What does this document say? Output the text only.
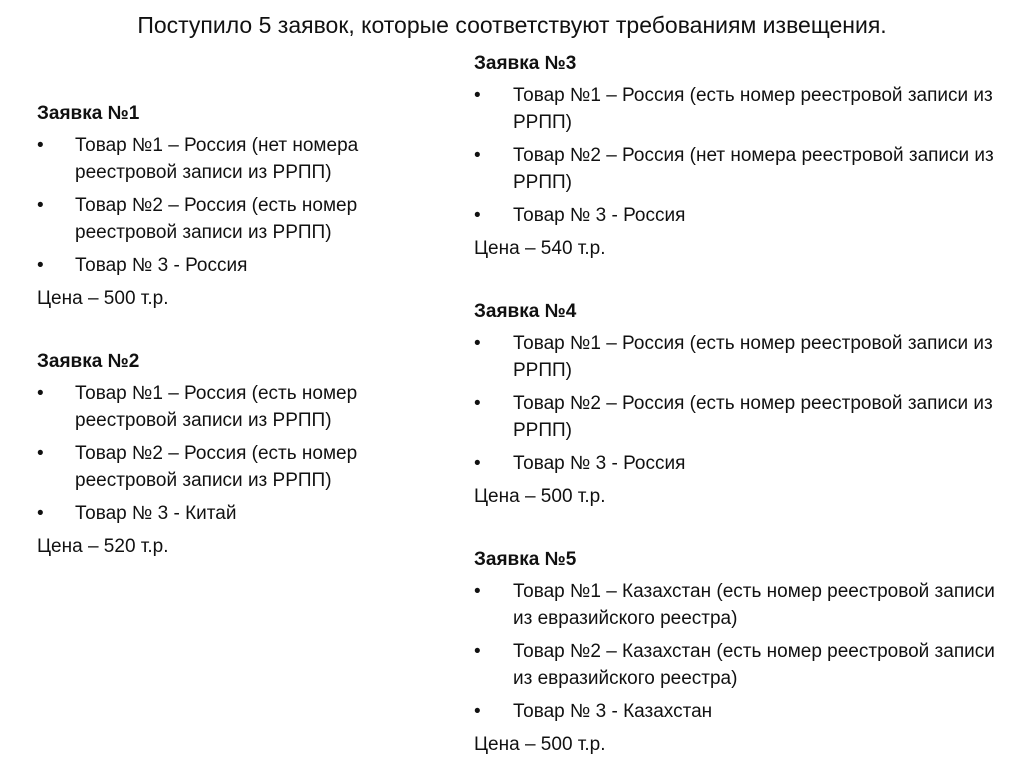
Поступило 5 заявок, которые соответствуют требованиям извещения.
Заявка №1
• Товар №1 – Россия (нет номера реестровой записи из РРПП)
• Товар №2 – Россия (есть номер реестровой записи из РРПП)
• Товар № 3 - Россия
Цена – 500 т.р.
Заявка №2
• Товар №1 – Россия (есть номер реестровой записи из РРПП)
• Товар №2 – Россия (есть номер реестровой записи из РРПП)
• Товар № 3 - Китай
Цена – 520 т.р.
Заявка №3
• Товар №1 – Россия (есть номер реестровой записи из РРПП)
• Товар №2 – Россия (нет номера реестровой записи из РРПП)
• Товар № 3 - Россия
Цена – 540 т.р.
Заявка №4
• Товар №1 – Россия (есть номер реестровой записи из РРПП)
• Товар №2 – Россия (есть номер реестровой записи из РРПП)
• Товар № 3 - Россия
Цена – 500 т.р.
Заявка №5
• Товар №1 – Казахстан (есть номер реестровой записи из евразийского реестра)
• Товар №2 – Казахстан (есть номер реестровой записи из евразийского реестра)
• Товар № 3 - Казахстан
Цена – 500 т.р.
